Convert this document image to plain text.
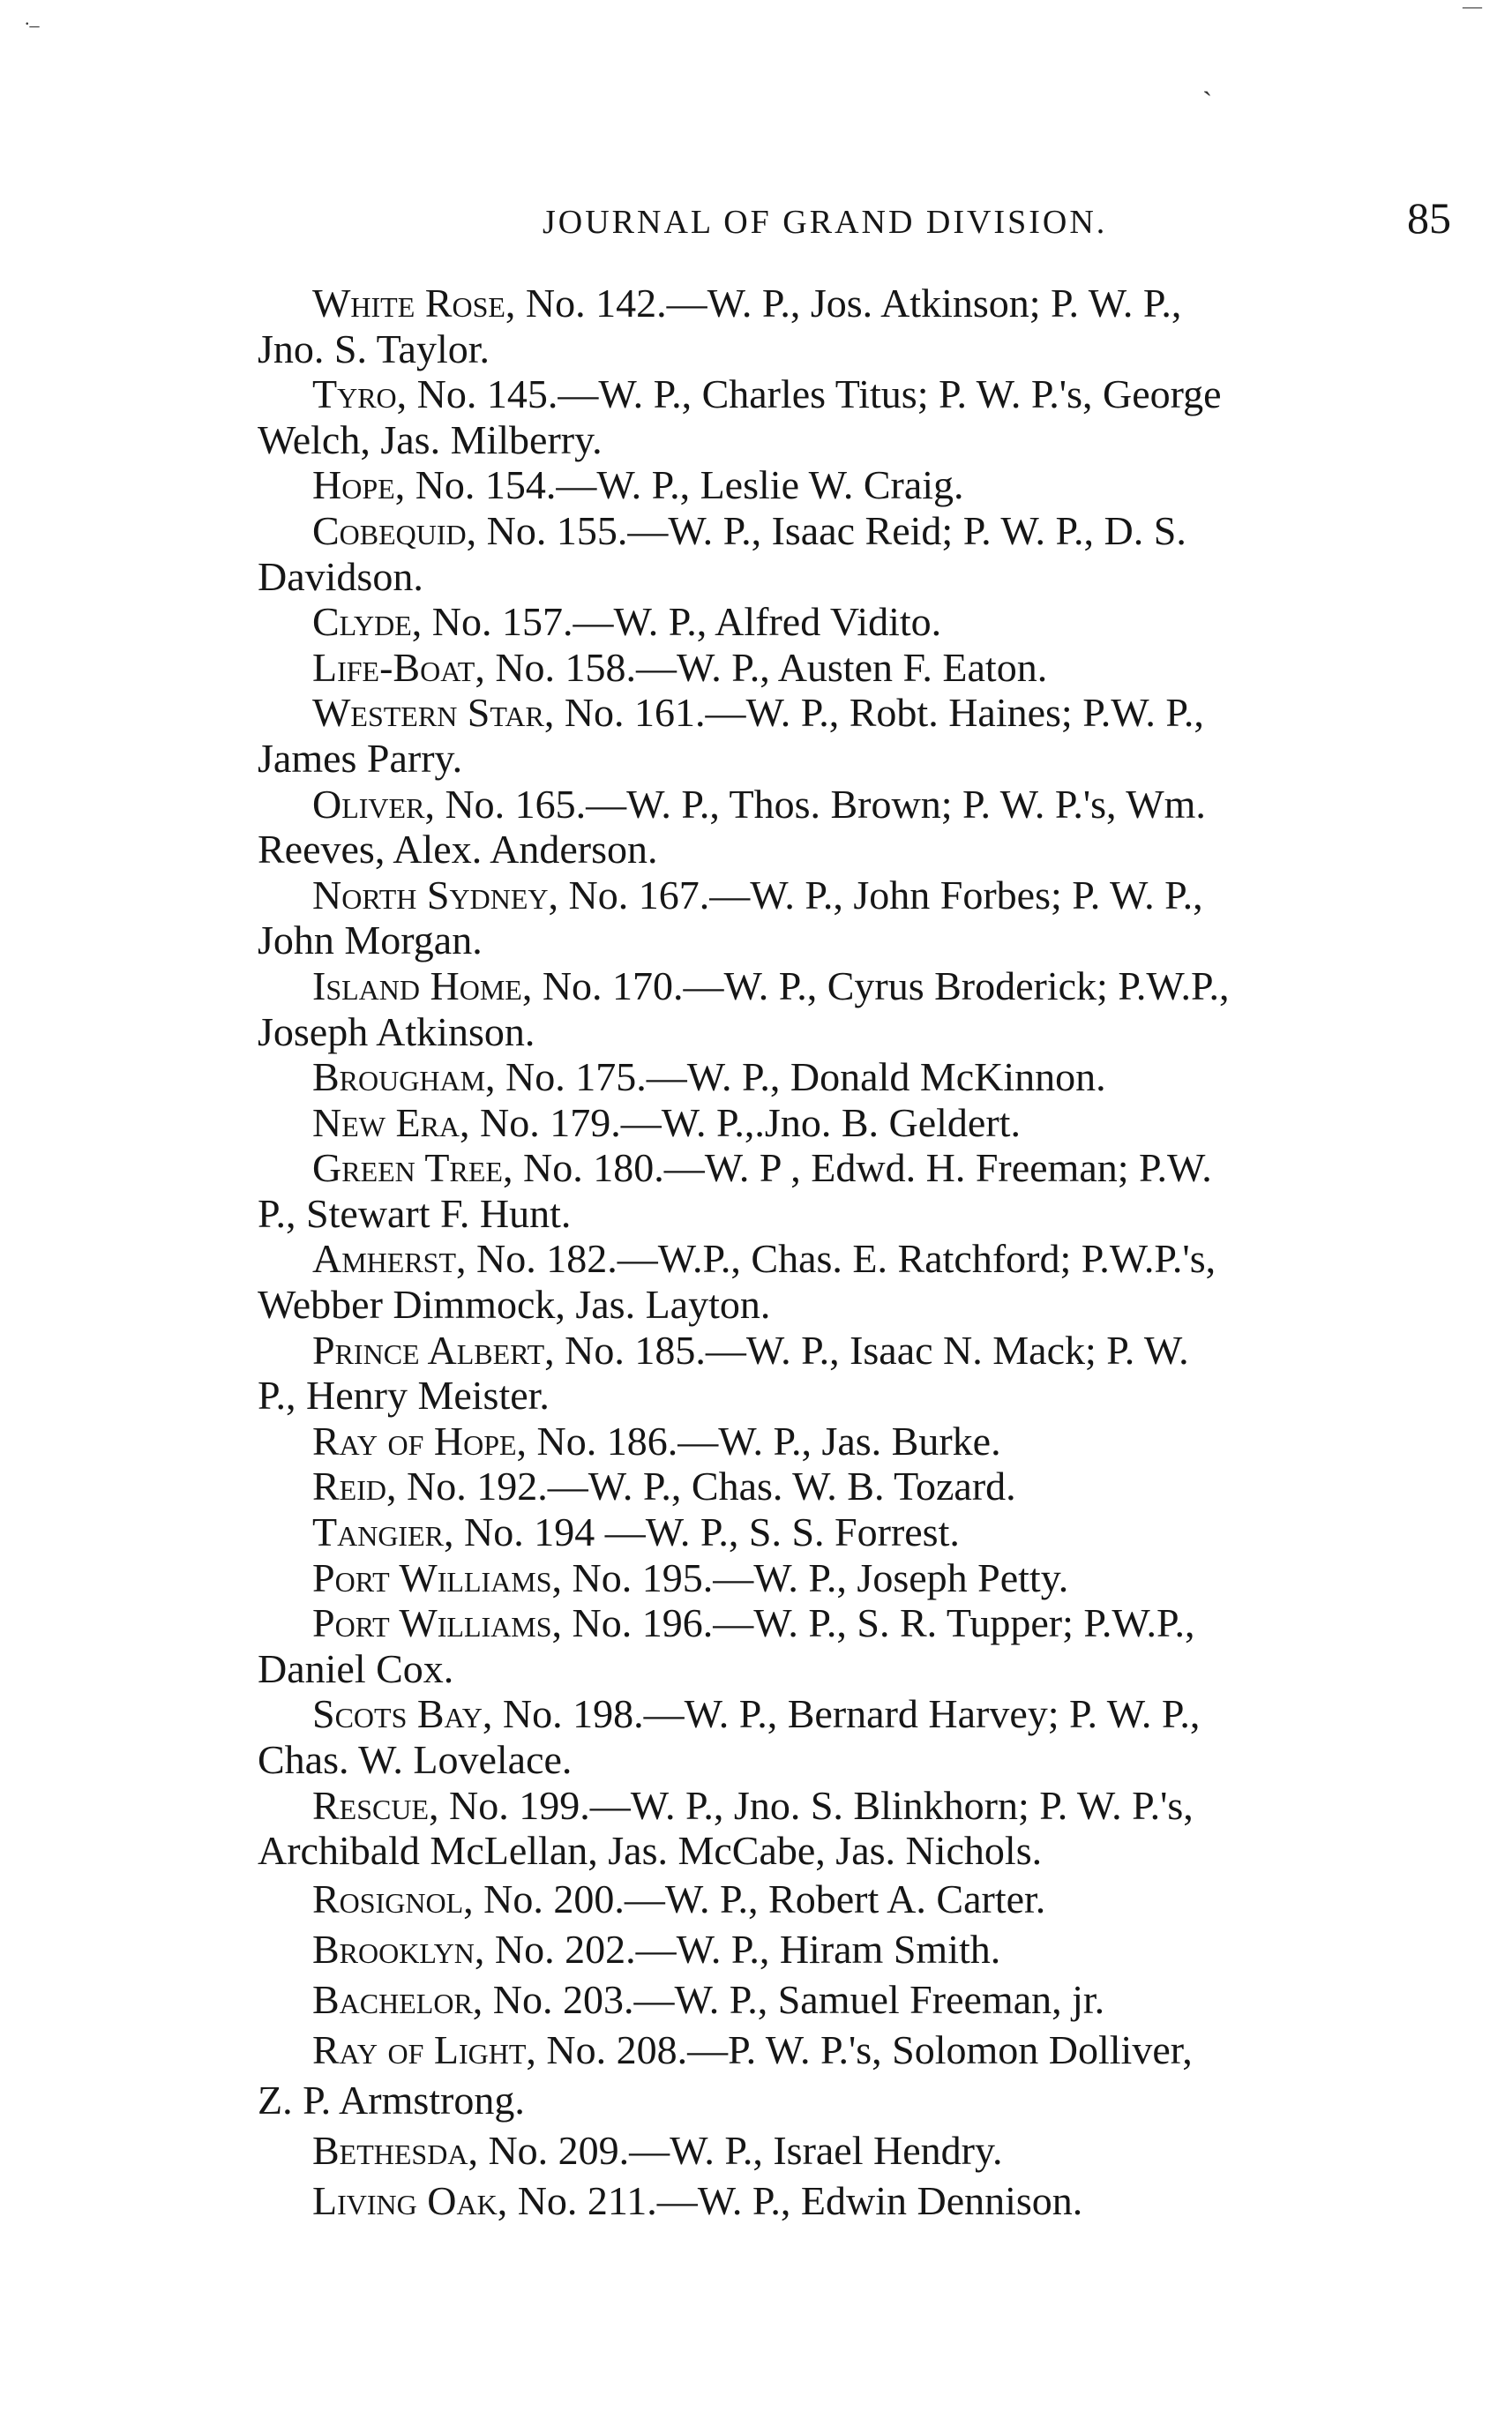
._
—
`
JOURNAL OF GRAND DIVISION.	85
White Rose, No. 142.—W. P., Jos. Atkinson; P. W. P.,
Jno. S. Taylor.
Tyro, No. 145.—W. P., Charles Titus; P. W. P.'s, George
Welch, Jas. Milberry.
Hope, No. 154.—W. P., Leslie W. Craig.
Cobequid, No. 155.—W. P., Isaac Reid; P. W. P., D. S.
Davidson.
Clyde, No. 157.—W. P., Alfred Vidito.
Life-Boat, No. 158.—W. P., Austen F. Eaton.
Western Star, No. 161.—W. P., Robt. Haines; P.W. P.,
James Parry.
Oliver, No. 165.—W. P., Thos. Brown; P. W. P.'s, Wm.
Reeves, Alex. Anderson.
North Sydney, No. 167.—W. P., John Forbes; P. W. P.,
John Morgan.
Island Home, No. 170.—W. P., Cyrus Broderick; P.W.P.,
Joseph Atkinson.
Brougham, No. 175.—W. P., Donald McKinnon.
New Era, No. 179.—W. P.,.Jno. B. Geldert.
Green Tree, No. 180.—W. P , Edwd. H. Freeman; P.W.
P., Stewart F. Hunt.
Amherst, No. 182.—W.P., Chas. E. Ratchford; P.W.P.'s,
Webber Dimmock, Jas. Layton.
Prince Albert, No. 185.—W. P., Isaac N. Mack; P. W.
P., Henry Meister.
Ray of Hope, No. 186.—W. P., Jas. Burke.
Reid, No. 192.—W. P., Chas. W. B. Tozard.
Tangier, No. 194 —W. P., S. S. Forrest.
Port Williams, No. 195.—W. P., Joseph Petty.
Port Williams, No. 196.—W. P., S. R. Tupper; P.W.P.,
Daniel Cox.
Scots Bay, No. 198.—W. P., Bernard Harvey; P. W. P.,
Chas. W. Lovelace.
Rescue, No. 199.—W. P., Jno. S. Blinkhorn; P. W. P.'s,
Archibald McLellan, Jas. McCabe, Jas. Nichols.
Rosignol, No. 200.—W. P., Robert A. Carter.
Brooklyn, No. 202.—W. P., Hiram Smith.
Bachelor, No. 203.—W. P., Samuel Freeman, jr.
Ray of Light, No. 208.—P. W. P.'s, Solomon Dolliver,
Z. P. Armstrong.
Bethesda, No. 209.—W. P., Israel Hendry.
Living Oak, No. 211.—W. P., Edwin Dennison.
